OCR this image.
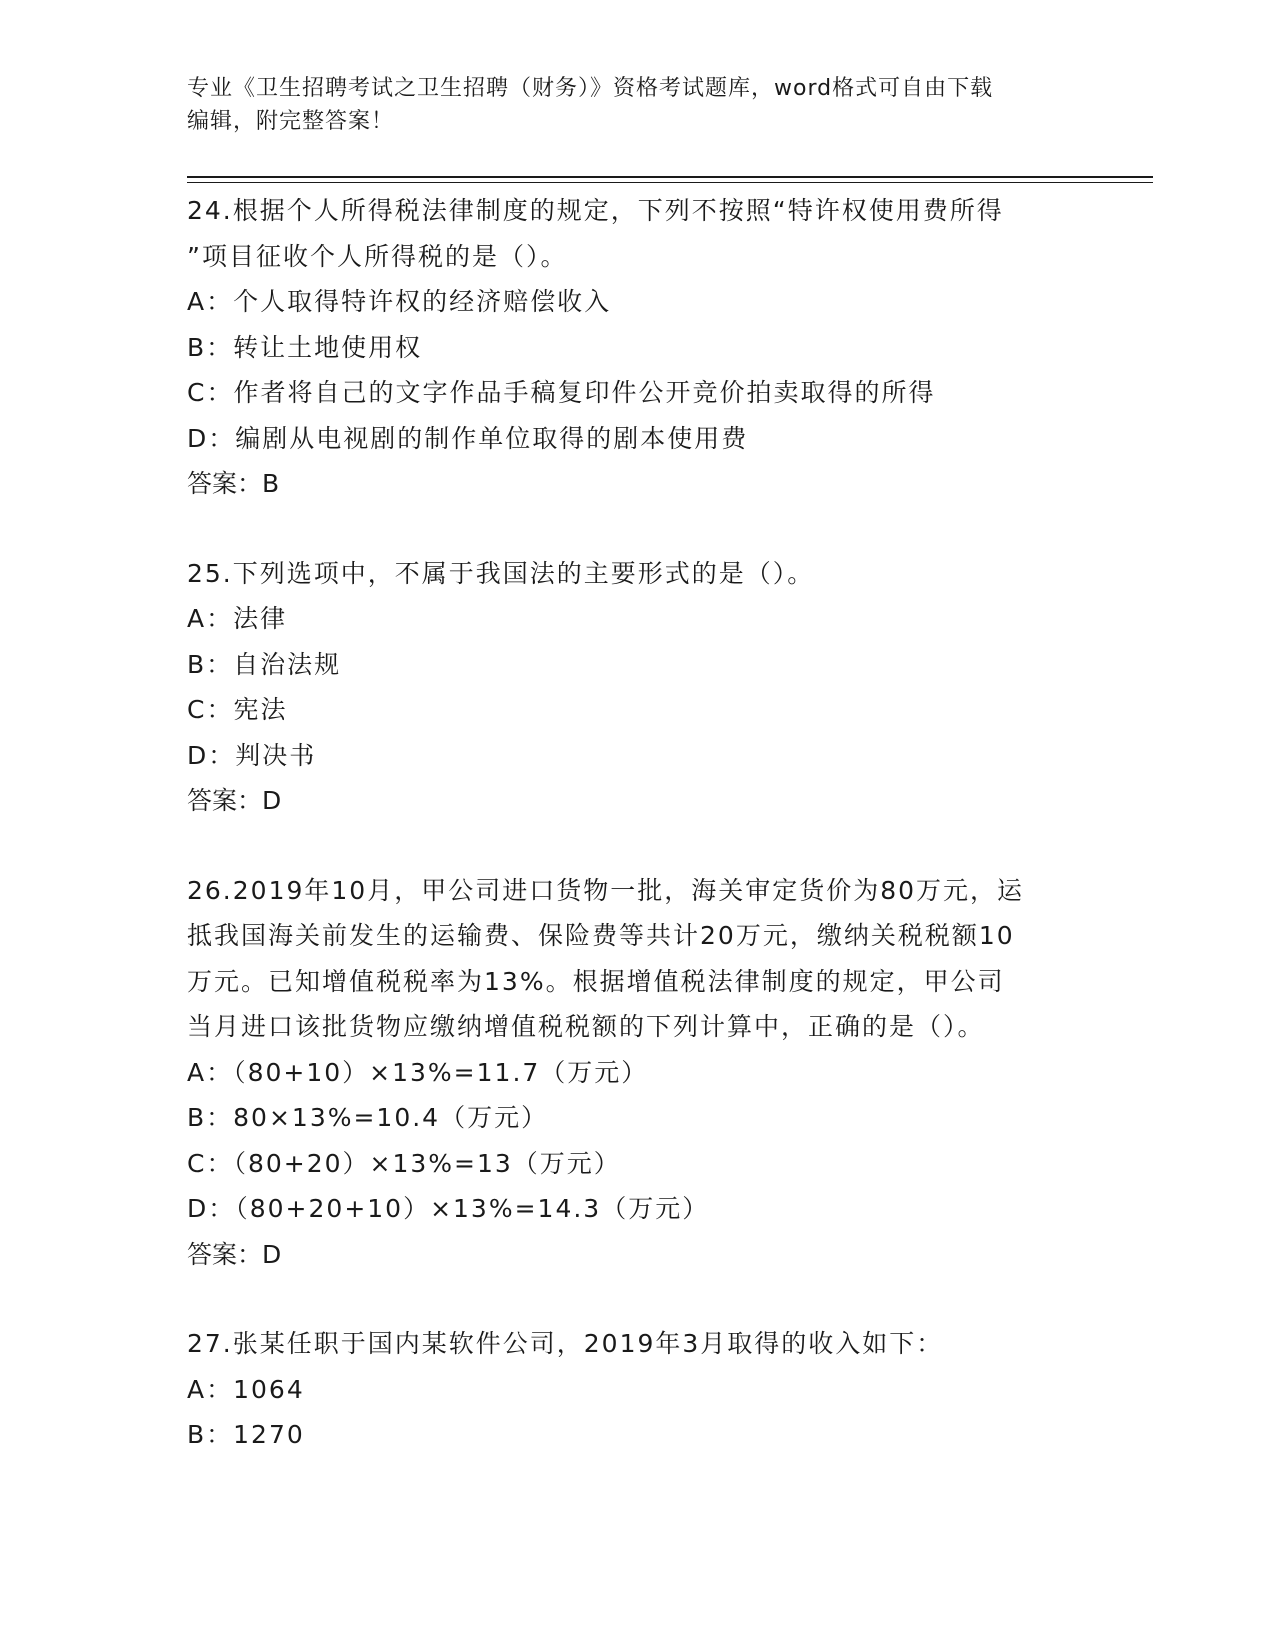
专业《卫生招聘考试之卫生招聘（财务）》资格考试题库，word格式可自由下载
编辑，附完整答案！
24.根据个人所得税法律制度的规定，下列不按照“特许权使用费所得
”项目征收个人所得税的是（）。
A：个人取得特许权的经济赔偿收入
B：转让土地使用权
C：作者将自己的文字作品手稿复印件公开竞价拍卖取得的所得
D：编剧从电视剧的制作单位取得的剧本使用费
答案：B
25.下列选项中，不属于我国法的主要形式的是（）。
A：法律
B：自治法规
C：宪法
D：判决书
答案：D
26.2019年10月，甲公司进口货物一批，海关审定货价为80万元，运
抵我国海关前发生的运输费、保险费等共计20万元，缴纳关税税额10
万元。已知增值税税率为13%。根据增值税法律制度的规定，甲公司
当月进口该批货物应缴纳增值税税额的下列计算中，正确的是（）。
A：（80+10）×13%=11.7（万元）
B：80×13%=10.4（万元）
C：（80+20）×13%=13（万元）
D：（80+20+10）×13%=14.3（万元）
答案：D
27.张某任职于国内某软件公司，2019年3月取得的收入如下：
A：1064
B：1270
